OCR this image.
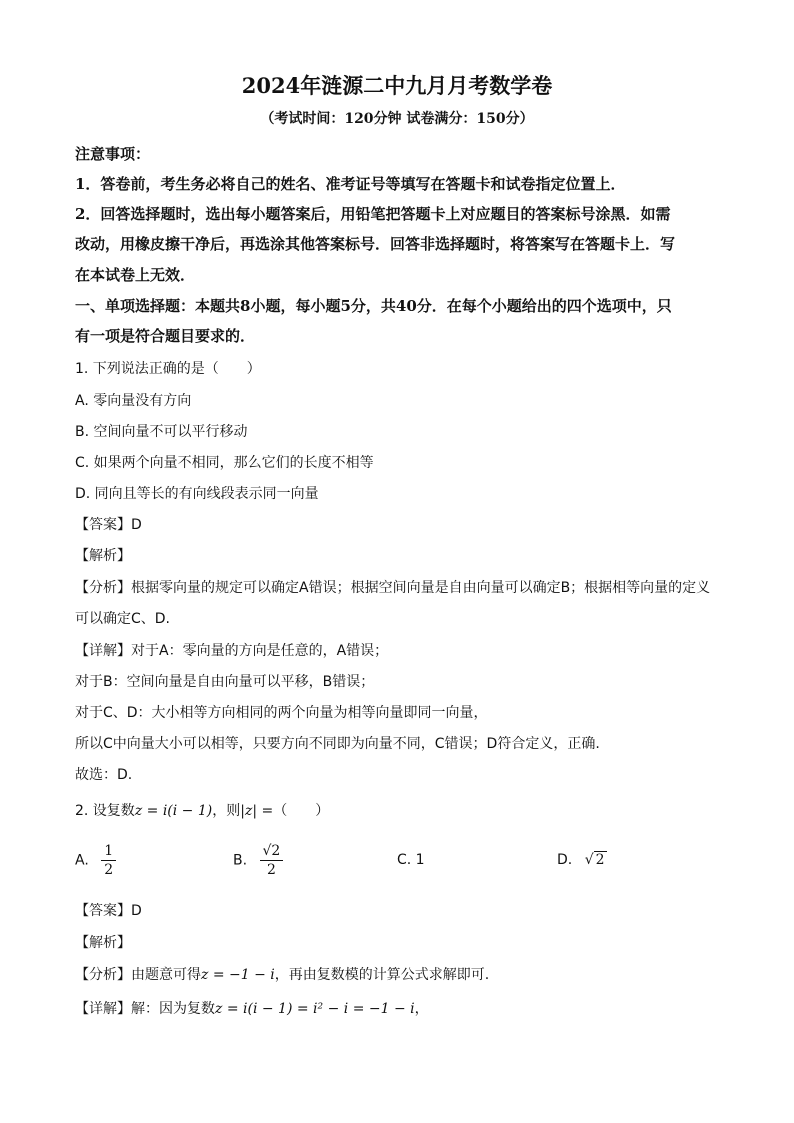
2024年涟源二中九月月考数学卷
（考试时间：120分钟 试卷满分：150分）
注意事项：
1．答卷前，考生务必将自己的姓名、准考证号等填写在答题卡和试卷指定位置上．
2．回答选择题时，选出每小题答案后，用铅笔把答题卡上对应题目的答案标号涂黑．如需
改动，用橡皮擦干净后，再选涂其他答案标号．回答非选择题时，将答案写在答题卡上．写
在本试卷上无效．
一、单项选择题：本题共8小题，每小题5分，共40分．在每个小题给出的四个选项中，只
有一项是符合题目要求的．
1. 下列说法正确的是（　　）
A. 零向量没有方向
B. 空间向量不可以平行移动
C. 如果两个向量不相同，那么它们的长度不相等
D. 同向且等长的有向线段表示同一向量
【答案】D
【解析】
【分析】根据零向量的规定可以确定A错误；根据空间向量是自由向量可以确定B；根据相等向量的定义
可以确定C、D.
【详解】对于A：零向量的方向是任意的，A错误；
对于B：空间向量是自由向量可以平移，B错误；
对于C、D：大小相等方向相同的两个向量为相等向量即同一向量，
所以C中向量大小可以相等，只要方向不同即为向量不同，C错误；D符合定义，正确.
故选：D.
2. 设复数z = i(i − 1)，则|z| =（　　）
A. $\frac{1}{2}$	B. $\frac{√2}{2}$	C. 1	D. √ 2
【答案】D
【解析】
【分析】由题意可得z = −1 − i，再由复数模的计算公式求解即可.
【详解】解：因为复数z = i(i − 1) = i² − i = −1 − i，
